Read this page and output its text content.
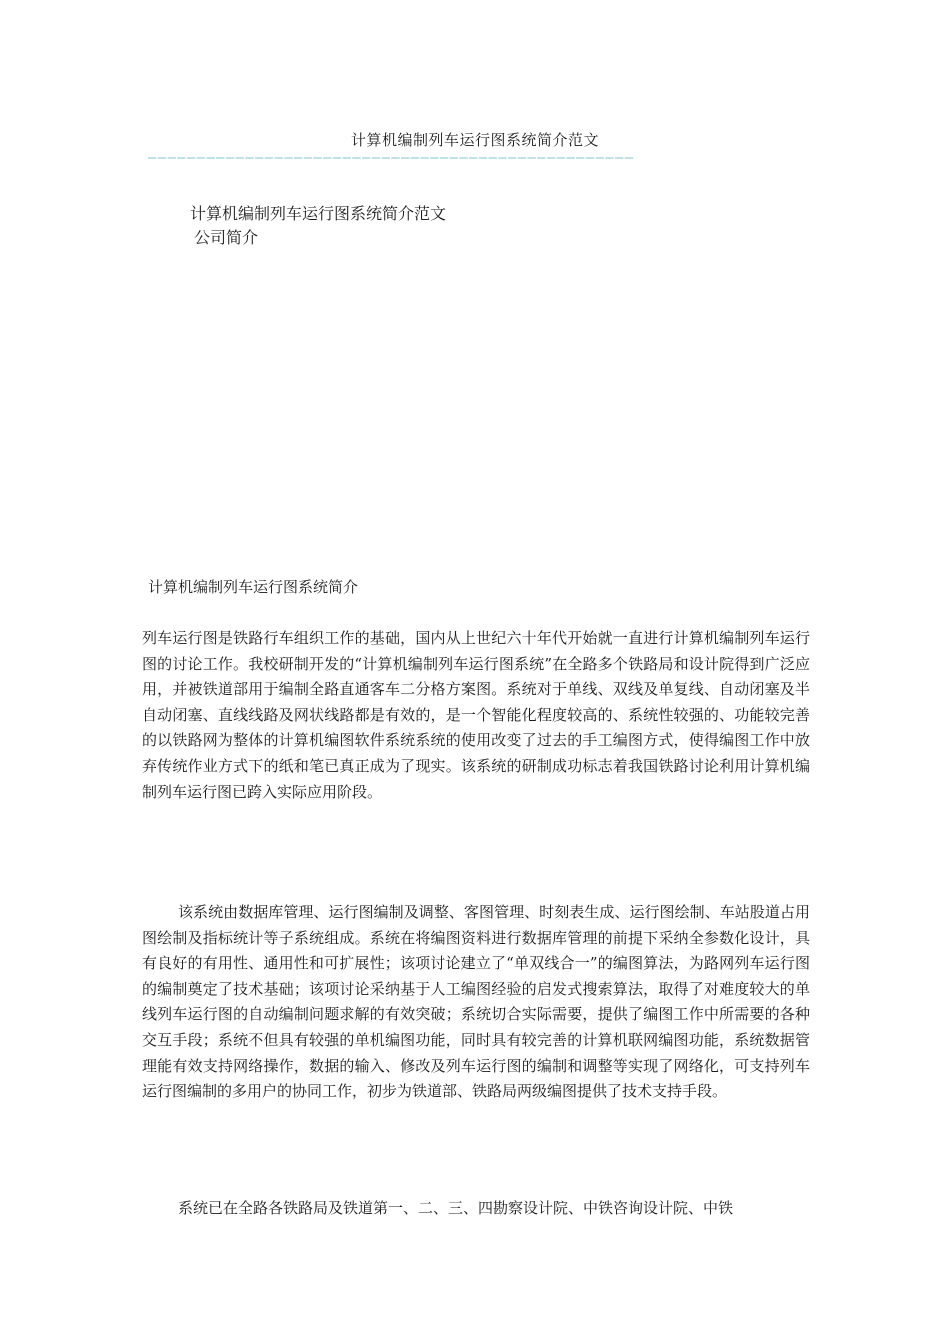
计算机编制列车运行图系统简介范文
——————————————————————————————————————————————————
计算机编制列车运行图系统简介范文
公司简介
计算机编制列车运行图系统简介

列车运行图是铁路行车组织工作的基础，国内从上世纪六十年代开始就一直进行计算机编制列车运行图的讨论工作。我校研制开发的“计算机编制列车运行图系统”在全路多个铁路局和设计院得到广泛应用，并被铁道部用于编制全路直通客车二分格方案图。系统对于单线、双线及单复线、自动闭塞及半自动闭塞、直线线路及网状线路都是有效的，是一个智能化程度较高的、系统性较强的、功能较完善的以铁路网为整体的计算机编图软件系统系统的使用改变了过去的手工编图方式，使得编图工作中放弃传统作业方式下的纸和笔已真正成为了现实。该系统的研制成功标志着我国铁路讨论利用计算机编制列车运行图已跨入实际应用阶段。

该系统由数据库管理、运行图编制及调整、客图管理、时刻表生成、运行图绘制、车站股道占用图绘制及指标统计等子系统组成。系统在将编图资料进行数据库管理的前提下采纳全参数化设计，具有良好的有用性、通用性和可扩展性；该项讨论建立了“单双线合一”的编图算法，为路网列车运行图的编制奠定了技术基础；该项讨论采纳基于人工编图经验的启发式搜索算法，取得了对难度较大的单线列车运行图的自动编制问题求解的有效突破；系统切合实际需要，提供了编图工作中所需要的各种交互手段；系统不但具有较强的单机编图功能，同时具有较完善的计算机联网编图功能，系统数据管理能有效支持网络操作，数据的输入、修改及列车运行图的编制和调整等实现了网络化，可支持列车运行图编制的多用户的协同工作，初步为铁道部、铁路局两级编图提供了技术支持手段。

系统已在全路各铁路局及铁道第一、二、三、四勘察设计院、中铁咨询设计院、中铁
